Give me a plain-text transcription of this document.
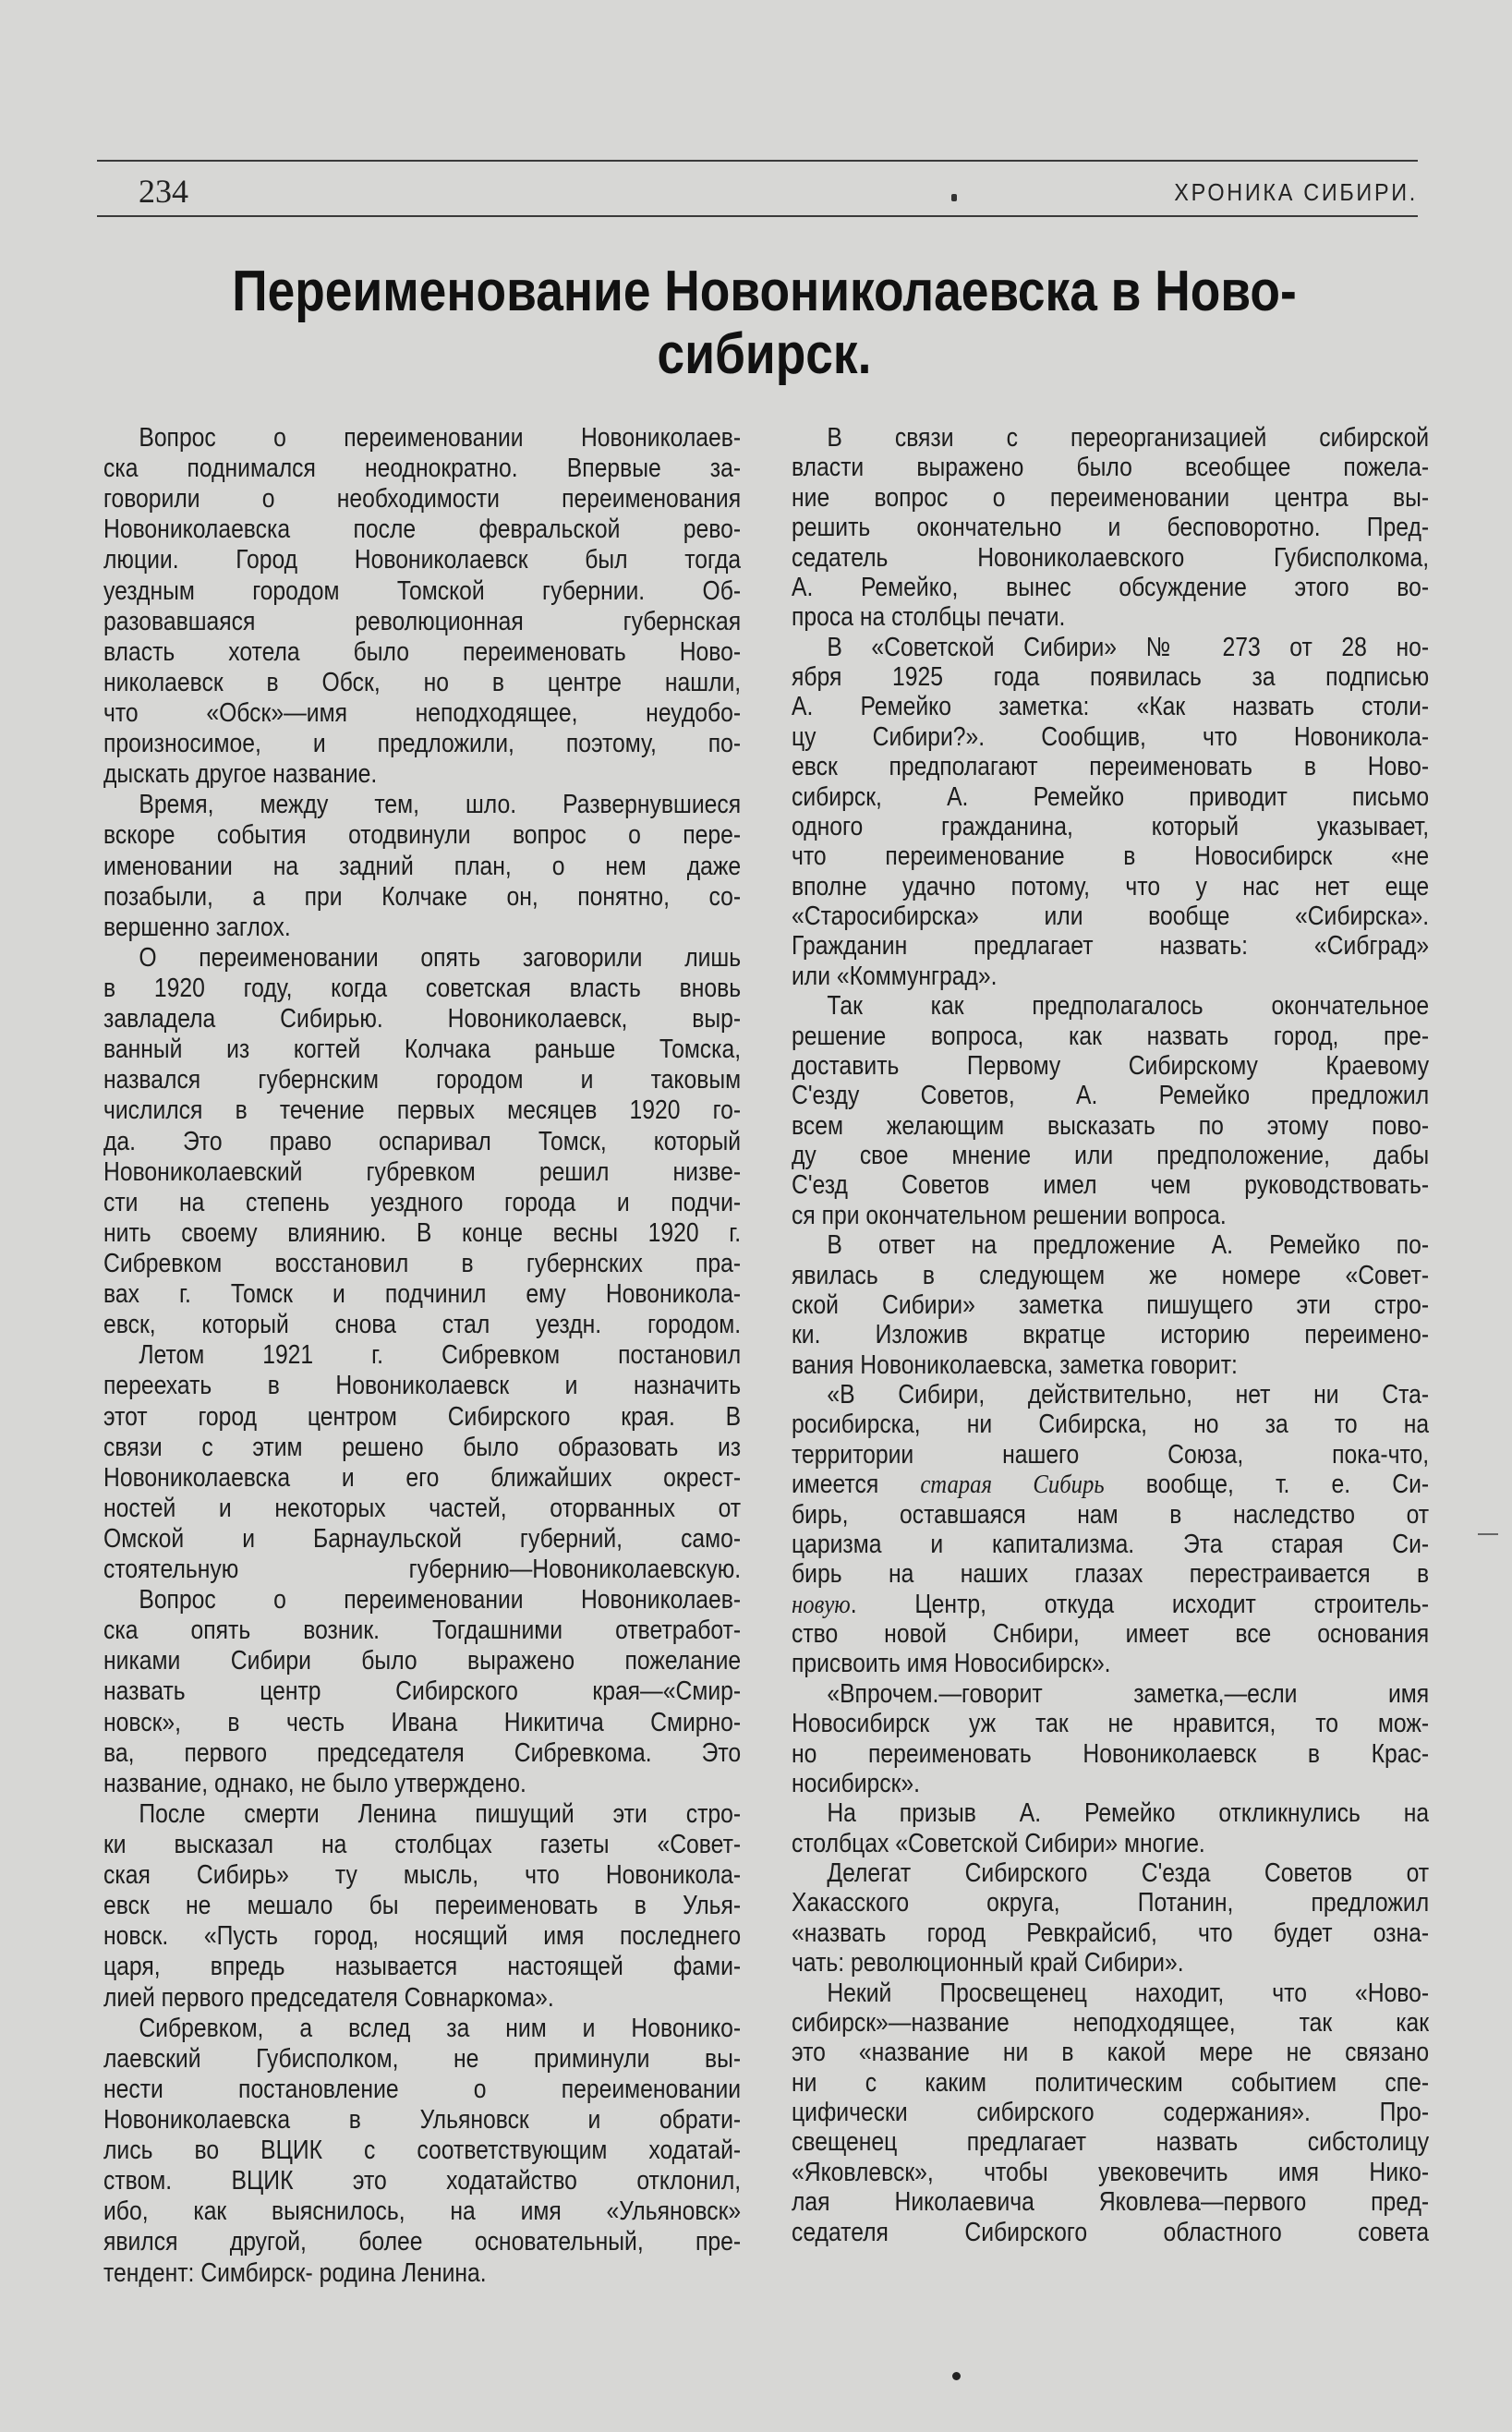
234	ХРОНИКА СИБИРИ.
Переименование Новониколаевска в Ново-
сибирск.
Вопрос о переименовании Новониколаев-
ска поднимался неоднократно. Впервые за-
говорили о необходимости переименования
Новониколаевска после февральской рево-
люции. Город Новониколаевск был тогда
уездным городом Томской губернии. Об-
разовавшаяся революционная губернская
власть хотела было переименовать Ново-
николаевск в Обск, но в центре нашли,
что «Обск»—имя неподходящее, неудобо-
произносимое, и предложили, поэтому, по-
дыскать другое название.
Время, между тем, шло. Развернувшиеся
вскоре события отодвинули вопрос о пере-
именовании на задний план, о нем даже
позабыли, а при Колчаке он, понятно, со-
вершенно заглох.
О переименовании опять заговорили лишь
в 1920 году, когда советская власть вновь
завладела Сибирью. Новониколаевск, выр-
ванный из когтей Колчака раньше Томска,
назвался губернским городом и таковым
числился в течение первых месяцев 1920 го-
да. Это право оспаривал Томск, который
Новониколаевский губревком решил низве-
сти на степень уездного города и подчи-
нить своему влиянию. В конце весны 1920 г.
Сибревком восстановил в губернских пра-
вах г. Томск и подчинил ему Новоникола-
евск, который снова стал уездн. городом.
Летом 1921 г. Сибревком постановил
переехать в Новониколаевск и назначить
этот город центром Сибирского края. В
связи с этим решено было образовать из
Новониколаевска и его ближайших окрест-
ностей и некоторых частей, оторванных от
Омской и Барнаульской губерний, само-
стоятельную губернию—Новониколаевскую.
Вопрос о переименовании Новониколаев-
ска опять возник. Тогдашними ответработ-
никами Сибири было выражено пожелание
назвать центр Сибирского края—«Смир-
новск», в честь Ивана Никитича Смирно-
ва, первого председателя Сибревкома. Это
название, однако, не было утверждено.
После смерти Ленина пишущий эти стро-
ки высказал на столбцах газеты «Совет-
ская Сибирь» ту мысль, что Новоникола-
евск не мешало бы переименовать в Улья-
новск. «Пусть город, носящий имя последнего
царя, впредь называется настоящей фами-
лией первого председателя Совнаркома».
Сибревком, а вслед за ним и Новонико-
лаевский Губисполком, не приминули вы-
нести постановление о переименовании
Новониколаевска в Ульяновск и обрати-
лись во ВЦИК с соответствующим ходатай-
ством. ВЦИК это ходатайство отклонил,
ибо, как выяснилось, на имя «Ульяновск»
явился другой, более основательный, пре-
тендент: Симбирск- родина Ленина.
В связи с переорганизацией сибирской
власти выражено было всеобщее пожела-
ние вопрос о переименовании центра вы-
решить окончательно и бесповоротно. Пред-
седатель Новониколаевского Губисполкома,
А. Ремейко, вынес обсуждение этого во-
проса на столбцы печати.
В «Советской Сибири» № 273 от 28 но-
ября 1925 года появилась за подписью
А. Ремейко заметка: «Как назвать столи-
цу Сибири?». Сообщив, что Новоникола-
евск предполагают переименовать в Ново-
сибирск, А. Ремейко приводит письмо
одного гражданина, который указывает,
что переименование в Новосибирск «не
вполне удачно потому, что у нас нет еще
«Старосибирска» или вообще «Сибирска».
Гражданин предлагает назвать: «Сибград»
или «Коммунград».
Так как предполагалось окончательное
решение вопроса, как назвать город, пре-
доставить Первому Сибирскому Краевому
С'езду Советов, А. Ремейко предложил
всем желающим высказать по этому пово-
ду свое мнение или предположение, дабы
С'езд Советов имел чем руководствовать-
ся при окончательном решении вопроса.
В ответ на предложение А. Ремейко по-
явилась в следующем же номере «Совет-
ской Сибири» заметка пишущего эти стро-
ки. Изложив вкратце историю переимено-
вания Новониколаевска, заметка говорит:
«В Сибири, действительно, нет ни Ста-
росибирска, ни Сибирска, но за то на
территории нашего Союза, пока-что,
имеется старая Сибирь вообще, т. е. Си-
бирь, оставшаяся нам в наследство от
царизма и капитализма. Эта старая Си-
бирь на наших глазах перестраивается в
новую. Центр, откуда исходит строитель-
ство новой Снбири, имеет все основания
присвоить имя Новосибирск».
«Впрочем.—говорит заметка,—если имя
Новосибирск уж так не нравится, то мож-
но переименовать Новониколаевск в Крас-
носибирск».
На призыв А. Ремейко откликнулись на
столбцах «Советской Сибири» многие.
Делегат Сибирского С'езда Советов от
Хакасского округа, Потанин, предложил
«назвать город Ревкрайсиб, что будет озна-
чать: революционный край Сибири».
Некий Просвещенец находит, что «Ново-
сибирск»—название неподходящее, так как
это «название ни в какой мере не связано
ни с каким политическим событием спе-
цифически сибирского содержания». Про-
свещенец предлагает назвать сибстолицу
«Яковлевск», чтобы увековечить имя Нико-
лая Николаевича Яковлева—первого пред-
седателя Сибирского областного совета
